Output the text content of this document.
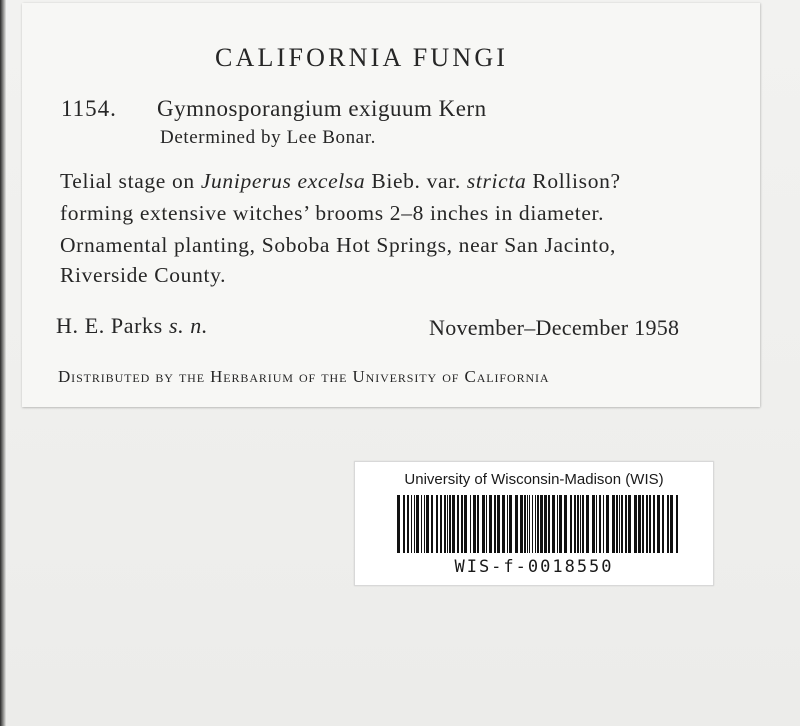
CALIFORNIA FUNGI
1154. Gymnosporangium exiguum Kern
Determined by Lee Bonar.
Telial stage on Juniperus excelsa Bieb. var. stricta Rollison?
forming extensive witches’ brooms 2–8 inches in diameter.
Ornamental planting, Soboba Hot Springs, near San Jacinto,
Riverside County.
H. E. Parks s. n.	November–December 1958
Distributed by the Herbarium of the University of California
University of Wisconsin-Madison (WIS)
WIS-f-0018550
